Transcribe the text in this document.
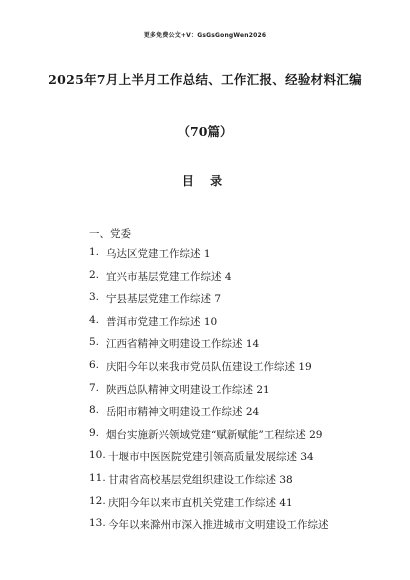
更多免费公文+V：GsGsGongWen2026
2025年7月上半月工作总结、工作汇报、经验材料汇编
（70篇）
目 录
一、党委
1. 乌达区党建工作综述 1
2. 宜兴市基层党建工作综述 4
3. 宁县基层党建工作综述 7
4. 普洱市党建工作综述 10
5. 江西省精神文明建设工作综述 14
6. 庆阳今年以来我市党员队伍建设工作综述 19
7. 陕西总队精神文明建设工作综述 21
8. 岳阳市精神文明建设工作综述 24
9. 烟台实施新兴领域党建“赋新赋能”工程综述 29
10. 十堰市中医医院党建引领高质量发展综述 34
11. 甘肃省高校基层党组织建设工作综述 38
12. 庆阳今年以来市直机关党建工作综述 41
13. 今年以来滁州市深入推进城市文明建设工作综述
